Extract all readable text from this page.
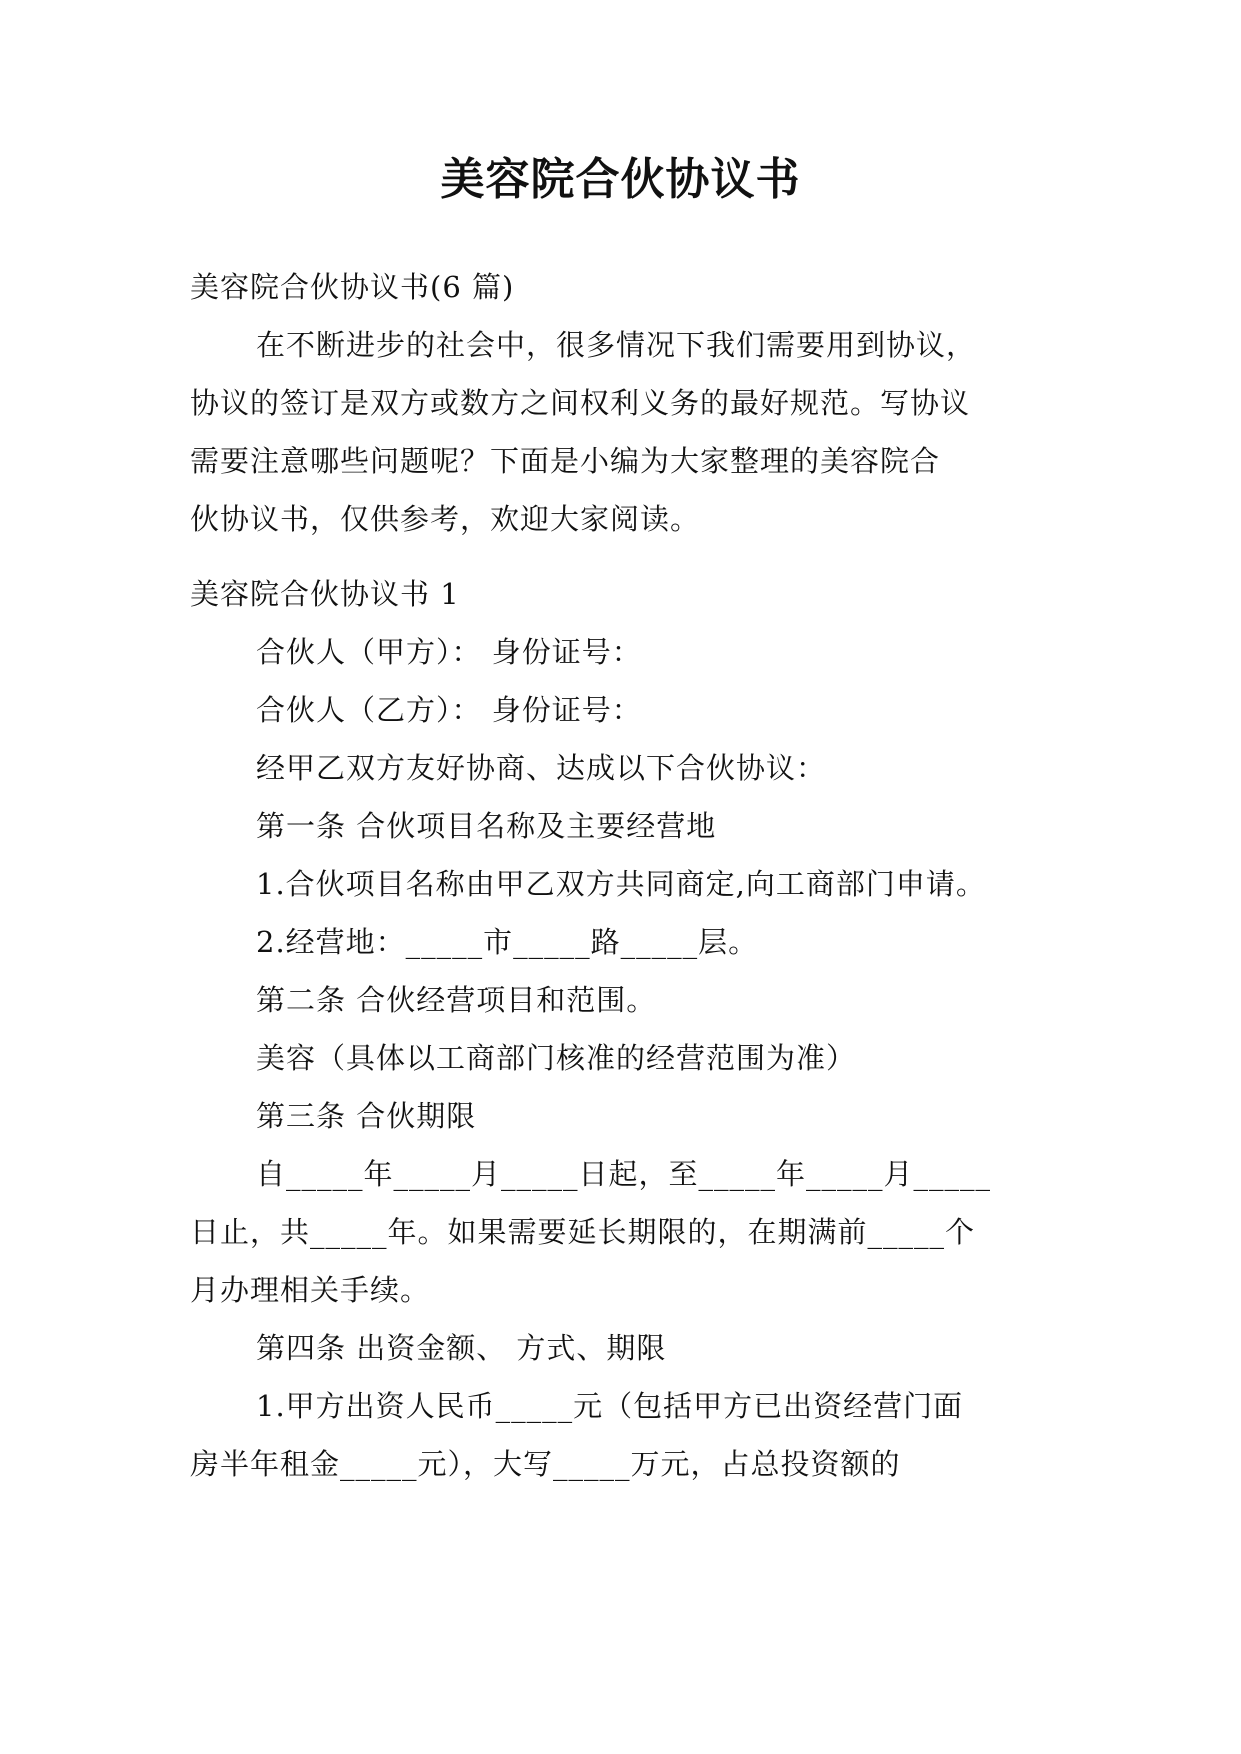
美容院合伙协议书
美容院合伙协议书(6 篇)
在不断进步的社会中，很多情况下我们需要用到协议，
协议的签订是双方或数方之间权利义务的最好规范。写协议
需要注意哪些问题呢？下面是小编为大家整理的美容院合
伙协议书，仅供参考，欢迎大家阅读。
美容院合伙协议书 1
合伙人（甲方）： 身份证号：
合伙人（乙方）： 身份证号：
经甲乙双方友好协商、达成以下合伙协议：
第一条 合伙项目名称及主要经营地
1.合伙项目名称由甲乙双方共同商定,向工商部门申请。
2.经营地：_____市_____路_____层。
第二条 合伙经营项目和范围。
美容（具体以工商部门核准的经营范围为准）
第三条 合伙期限
自_____年_____月_____日起，至_____年_____月_____
日止，共_____年。如果需要延长期限的，在期满前_____个
月办理相关手续。
第四条 出资金额、 方式、期限
1.甲方出资人民币_____元（包括甲方已出资经营门面
房半年租金_____元），大写_____万元，占总投资额的
